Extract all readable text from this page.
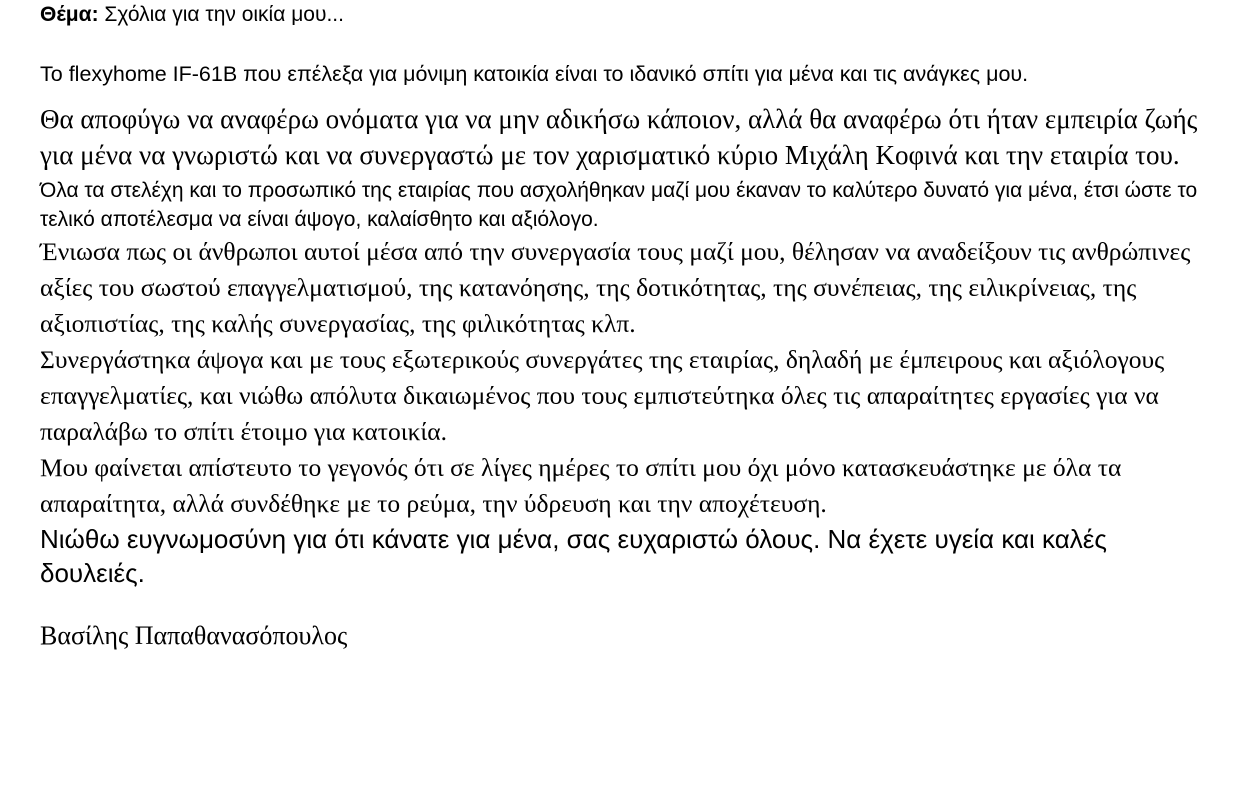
Θέμα: Σχόλια για την οικία μου...

Το flexyhome IF-61B που επέλεξα για μόνιμη κατοικία είναι το ιδανικό σπίτι για μένα και τις ανάγκες μου.

Θα αποφύγω να αναφέρω ονόματα για να μην αδικήσω κάποιον, αλλά θα αναφέρω ότι ήταν εμπειρία ζωής για μένα να γνωριστώ και να συνεργαστώ με τον χαρισματικό κύριο Μιχάλη Κοφινά και την εταιρία του.

Όλα τα στελέχη και το προσωπικό της εταιρίας που ασχολήθηκαν μαζί μου έκαναν το καλύτερο δυνατό για μένα, έτσι ώστε το τελικό αποτέλεσμα να είναι άψογο, καλαίσθητο και αξιόλογο.

Ένιωσα πως οι άνθρωποι αυτοί μέσα από την συνεργασία τους μαζί μου, θέλησαν να αναδείξουν τις ανθρώπινες αξίες του σωστού επαγγελματισμού, της κατανόησης, της δοτικότητας, της συνέπειας, της ειλικρίνειας, της αξιοπιστίας, της καλής συνεργασίας, της φιλικότητας κλπ.

Συνεργάστηκα άψογα και με τους εξωτερικούς συνεργάτες της εταιρίας, δηλαδή με έμπειρους και αξιόλογους επαγγελματίες, και νιώθω απόλυτα δικαιωμένος που τους εμπιστεύτηκα όλες τις απαραίτητες εργασίες για να παραλάβω το σπίτι έτοιμο για κατοικία.

Μου φαίνεται απίστευτο το γεγονός ότι σε λίγες ημέρες το σπίτι μου όχι μόνο κατασκευάστηκε με όλα τα απαραίτητα, αλλά συνδέθηκε με το ρεύμα, την ύδρευση και την αποχέτευση.

Νιώθω ευγνωμοσύνη για ότι κάνατε για μένα, σας ευχαριστώ όλους. Να έχετε υγεία και καλές δουλειές.

Βασίλης Παπαθανασόπουλος
